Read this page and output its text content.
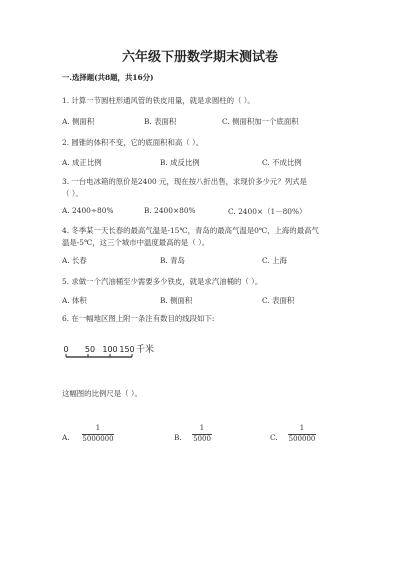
六年级下册数学期末测试卷
一.选择题(共8题，共16分)
1. 计算一节圆柱形通风管的铁皮用量，就是求圆柱的（ ）。
A. 侧面积	B. 表面积	C. 侧面积加一个底面积
2. 圆锥的体积不变，它的底面积和高（ ）。
A. 成正比例	B. 成反比例	C. 不成比例
3. 一台电冰箱的原价是2400 元，现在按八折出售，求现价多少元？列式是
（ ）。
A. 2400÷80%	B. 2400×80%	C. 2400×（1－80%）
4. 冬季某一天长春的最高气温是-15℃，青岛的最高气温是0℃，上海的最高气
温是-5℃，这三个城市中温度最高的是（ ）。
A. 长春	B. 青岛	C. 上海
5. 求做一个汽油桶至少需要多少铁皮，就是求汽油桶的（ ）。
A. 体积	B. 侧面积	C. 表面积
6. 在一幅地区图上附一条注有数目的线段如下:
0 50 100 150 千米
这幅图的比例尺是（ ）。
A.
1
5000000	B.
1
5000	C.
1
500000
